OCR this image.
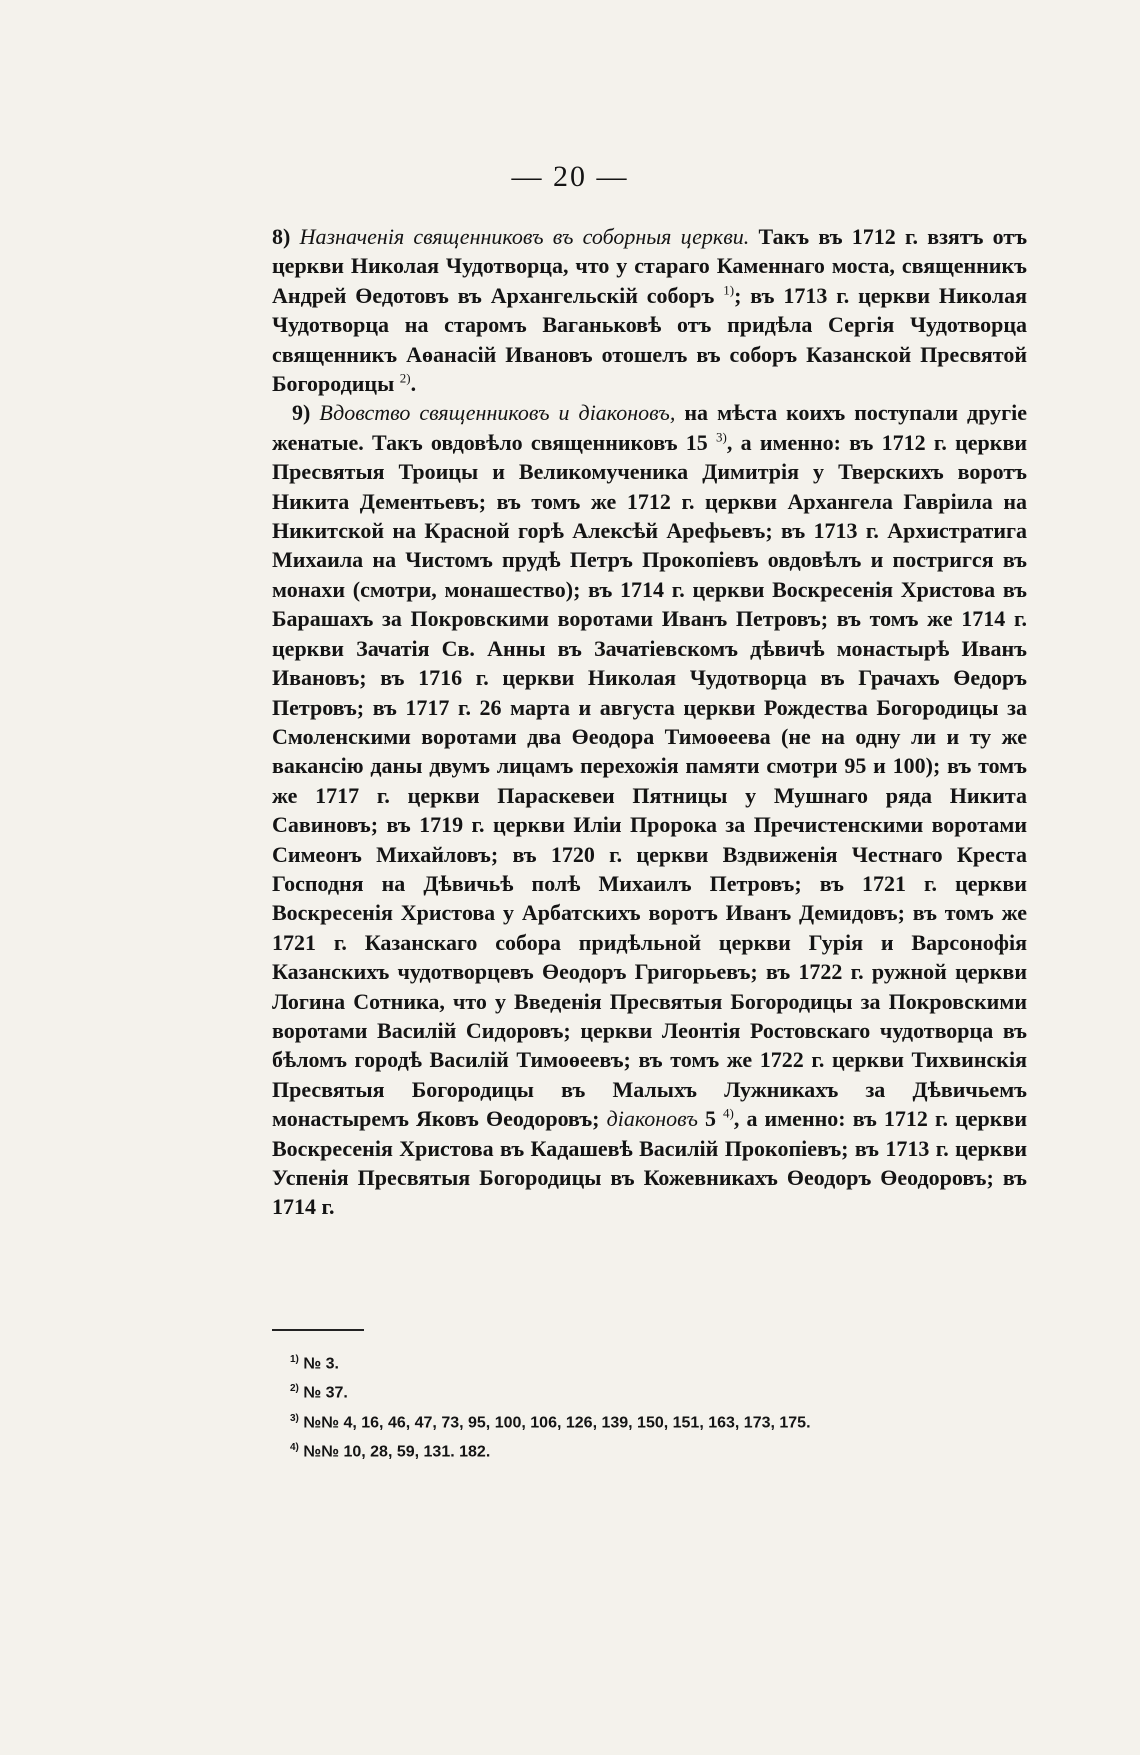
— 20 —

8) Назначенія священниковъ въ соборныя церкви. Такъ въ 1712 г. взятъ отъ церкви Николая Чудотворца, что у стараго Каменнаго моста, священникъ Андрей Өедотовъ въ Архангельскій соборъ $^{1)}$; въ 1713 г. церкви Николая Чудотворца на старомъ Ваганьковѣ отъ придѣла Сергія Чудотворца священникъ Аөанасій Ивановъ отошелъ въ соборъ Казанской Пресвятой Богородицы $^{2)}$.

9) Вдовство священниковъ и діаконовъ, на мѣста коихъ поступали другіе женатые. Такъ овдовѣло священниковъ 15 $^{3)}$, а именно: въ 1712 г. церкви Пресвятыя Троицы и Великомученика Димитрія у Тверскихъ воротъ Никита Дементьевъ; въ томъ же 1712 г. церкви Архангела Гавріила на Никитской на Красной горѣ Алексѣй Арефьевъ; въ 1713 г. Архистратига Михаила на Чистомъ прудѣ Петръ Прокопіевъ овдовѣлъ и постригся въ монахи (смотри, монашество); въ 1714 г. церкви Воскресенія Христова въ Барашахъ за Покровскими воротами Иванъ Петровъ; въ томъ же 1714 г. церкви Зачатія Св. Анны въ Зачатіевскомъ дѣвичѣ монастырѣ Иванъ Ивановъ; въ 1716 г. церкви Николая Чудотворца въ Грачахъ Өедоръ Петровъ; въ 1717 г. 26 марта и августа церкви Рождества Богородицы за Смоленскими воротами два Өеодора Тимоөеева (не на одну ли и ту же вакансію даны двумъ лицамъ перехожія памяти смотри 95 и 100); въ томъ же 1717 г. церкви Параскевеи Пятницы у Мушнаго ряда Никита Савиновъ; въ 1719 г. церкви Иліи Пророка за Пречистенскими воротами Симеонъ Михайловъ; въ 1720 г. церкви Вздвиженія Честнаго Креста Господня на Дѣвичьѣ полѣ Михаилъ Петровъ; въ 1721 г. церкви Воскресенія Христова у Арбатскихъ воротъ Иванъ Демидовъ; въ томъ же 1721 г. Казанскаго собора придѣльной церкви Гурія и Варсонофія Казанскихъ чудотворцевъ Өеодоръ Григорьевъ; въ 1722 г. ружной церкви Логина Сотника, что у Введенія Пресвятыя Богородицы за Покровскими воротами Василій Сидоровъ; церкви Леонтія Ростовскаго чудотворца въ бѣломъ городѣ Василій Тимоөеевъ; въ томъ же 1722 г. церкви Тихвинскія Пресвятыя Богородицы въ Малыхъ Лужникахъ за Дѣвичьемъ монастыремъ Яковъ Өеодоровъ; діаконовъ 5 $^{4)}$, а именно: въ 1712 г. церкви Воскресенія Христова въ Кадашевѣ Василій Прокопіевъ; въ 1713 г. церкви Успенія Пресвятыя Богородицы въ Кожевникахъ Өеодоръ Өеодоровъ; въ 1714 г.

$^{1)}$ № 3.
$^{2)}$ № 37.
$^{3)}$ №№ 4, 16, 46, 47, 73, 95, 100, 106, 126, 139, 150, 151, 163, 173, 175.
$^{4)}$ №№ 10, 28, 59, 131. 182.
